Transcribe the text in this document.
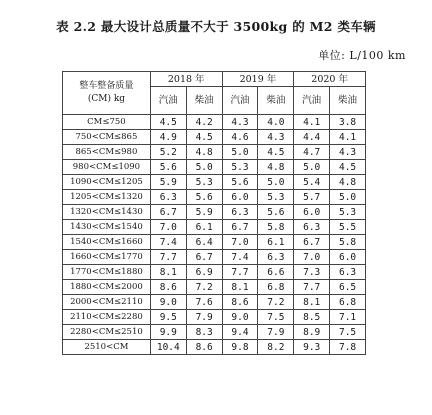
表 2.2 最大设计总质量不大于 3500kg 的 M2 类车辆
单位: L/100 km
整车整备质量
(CM) kg	2018 年		2019 年		2020 年	
	汽油	柴油	汽油	柴油	汽油	柴油
CM≤750	4.5	4.2	4.3	4.0	4.1	3.8
750<CM≤865	4.9	4.5	4.6	4.3	4.4	4.1
865<CM≤980	5.2	4.8	5.0	4.5	4.7	4.3
980<CM≤1090	5.6	5.0	5.3	4.8	5.0	4.5
1090<CM≤1205	5.9	5.3	5.6	5.0	5.4	4.8
1205<CM≤1320	6.3	5.6	6.0	5.3	5.7	5.0
1320<CM≤1430	6.7	5.9	6.3	5.6	6.0	5.3
1430<CM≤1540	7.0	6.1	6.7	5.8	6.3	5.5
1540<CM≤1660	7.4	6.4	7.0	6.1	6.7	5.8
1660<CM≤1770	7.7	6.7	7.4	6.3	7.0	6.0
1770<CM≤1880	8.1	6.9	7.7	6.6	7.3	6.3
1880<CM≤2000	8.6	7.2	8.1	6.8	7.7	6.5
2000<CM≤2110	9.0	7.6	8.6	7.2	8.1	6.8
2110<CM≤2280	9.5	7.9	9.0	7.5	8.5	7.1
2280<CM≤2510	9.9	8.3	9.4	7.9	8.9	7.5
2510<CM	10.4	8.6	9.8	8.2	9.3	7.8
